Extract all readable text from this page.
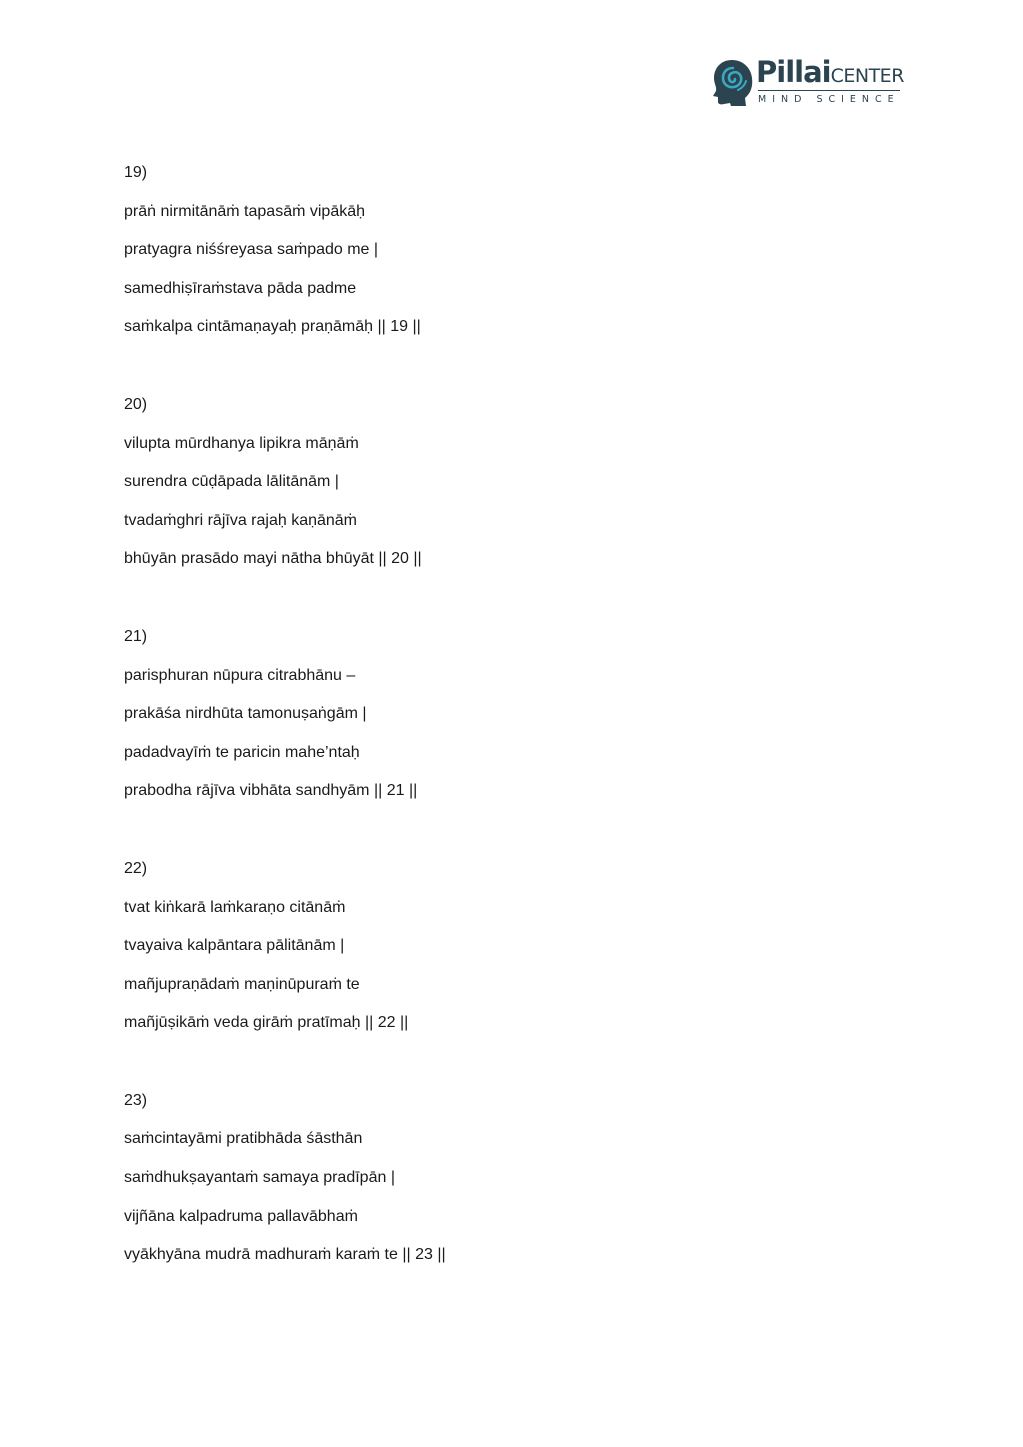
PillaiCENTER
MIND SCIENCE
19)
prāṅ nirmitānāṁ tapasāṁ vipākāḥ
pratyagra niśśreyasa saṁpado me |
samedhiṣīraṁstava pāda padme
saṁkalpa cintāmaṇayaḥ praṇāmāḥ || 19 ||
20)
vilupta mūrdhanya lipikra māṇāṁ
surendra cūḍāpada lālitānām |
tvadaṁghri rājīva rajaḥ kaṇānāṁ
bhūyān prasādo mayi nātha bhūyāt || 20 ||
21)
parisphuran nūpura citrabhānu –
prakāśa nirdhūta tamonuṣaṅgām |
padadvayīṁ te paricin mahe’ntaḥ
prabodha rājīva vibhāta sandhyām || 21 ||
22)
tvat kiṅkarā laṁkaraṇo citānāṁ
tvayaiva kalpāntara pālitānām |
mañjupraṇādaṁ maṇinūpuraṁ te
mañjūṣikāṁ veda girāṁ pratīmaḥ || 22 ||
23)
saṁcintayāmi pratibhāda śāsthān
saṁdhukṣayantaṁ samaya pradīpān |
vijñāna kalpadruma pallavābhaṁ
vyākhyāna mudrā madhuraṁ karaṁ te || 23 ||
